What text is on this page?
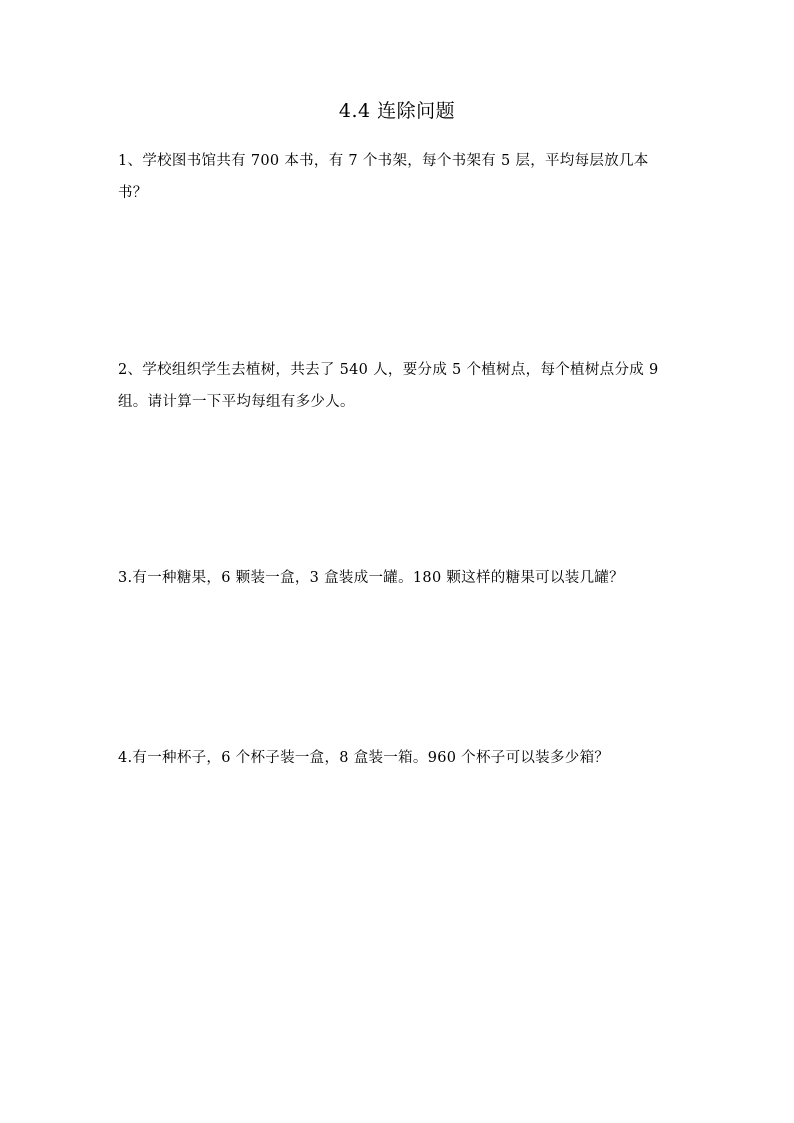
4.4 连除问题
1、学校图书馆共有 700 本书，有 7 个书架，每个书架有 5 层，平均每层放几本书？
2、学校组织学生去植树，共去了 540 人，要分成 5 个植树点，每个植树点分成 9 组。请计算一下平均每组有多少人。
3.有一种糖果，6 颗装一盒，3 盒装成一罐。180 颗这样的糖果可以装几罐？
4.有一种杯子，6 个杯子装一盒，8 盒装一箱。960 个杯子可以装多少箱？
